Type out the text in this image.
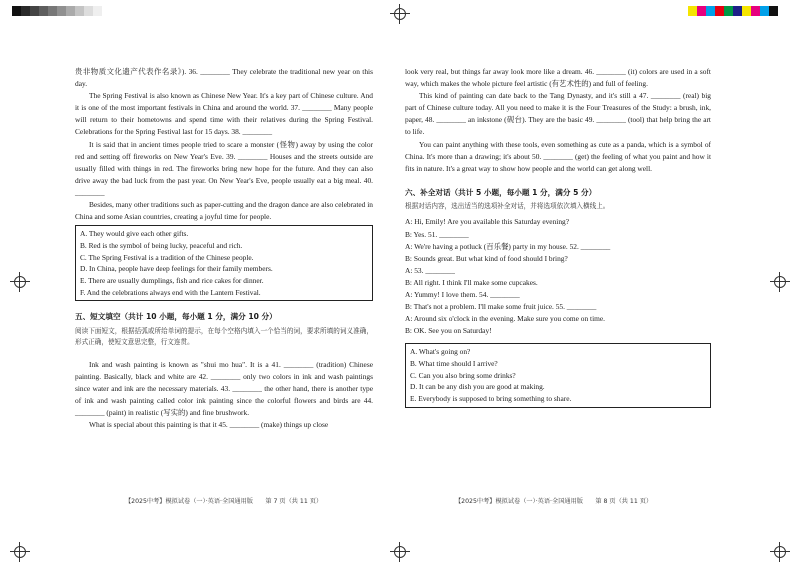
贵非物质文化遗产代表作名录》). 36. ________ They celebrate the traditional new year on this day.

The Spring Festival is also known as Chinese New Year. It's a key part of Chinese culture. And it is one of the most important festivals in China and around the world. 37. ________ Many people will return to their hometowns and spend time with their relatives during the Spring Festival. Celebrations for the Spring Festival last for 15 days. 38. ________

It is said that in ancient times people tried to scare a monster (怪物) away by using the color red and setting off fireworks on New Year's Eve. 39. ________ Houses and the streets outside are usually filled with things in red. The fireworks bring new hope for the future. And they can also drive away the bad luck from the past year. On New Year's Eve, people usually eat a big meal. 40. ________

Besides, many other traditions such as paper-cutting and the dragon dance are also celebrated in China and some Asian countries, creating a joyful time for people.

A. They would give each other gifts.
B. Red is the symbol of being lucky, peaceful and rich.
C. The Spring Festival is a tradition of the Chinese people.
D. In China, people have deep feelings for their family members.
E. There are usually dumplings, fish and rice cakes for dinner.
F. And the celebrations always end with the Lantern Festival.
五、短文填空（共计 10 小题，每小题 1 分，满分 10 分）

阅读下面短文，根据括弧或所给单词的提示，在每个空格内填入一个恰当的词，要求所填的词义准确，形式正确，使短文意思完整，行文连贯。

Ink and wash painting is known as "shui mo hua". It is a 41. ________ (tradition) Chinese painting. Basically, black and white are 42. ________ only two colors in ink and wash paintings since water and ink are the necessary materials. 43. ________ the other hand, there is another type of ink and wash painting called color ink painting since the colorful flowers and birds are 44. ________ (paint) in realistic (写实的) and fine brushwork.

What is special about this painting is that it 45. ________ (make) things up close

【2025中考】模拟试卷（一）·英语·全国通用版　　第 7 页（共 11 页）

look very real, but things far away look more like a dream. 46. ________ (it) colors are used in a soft way, which makes the whole picture feel artistic (有艺术性的) and full of feeling.

This kind of painting can date back to the Tang Dynasty, and it's still a 47. ________ (real) big part of Chinese culture today. All you need to make it is the Four Treasures of the Study: a brush, ink, paper, 48. ________ an inkstone (砚台). They are the basic 49. ________ (tool) that help bring the art to life.

You can paint anything with these tools, even something as cute as a panda, which is a symbol of China. It's more than a drawing; it's about 50. ________ (get) the feeling of what you paint and how it fits in nature. It's a great way to show how people and the world can get along well.

六、补全对话（共计 5 小题，每小题 1 分，满分 5 分）

根据对话内容，选出适当的选项补全对话，并将选项依次填入横线上。

A: Hi, Emily! Are you available this Saturday evening?
B: Yes. 51. ________
A: We're having a potluck (百乐餐) party in my house. 52. ________
B: Sounds great. But what kind of food should I bring?
A: 53. ________
B: All right. I think I'll make some cupcakes.
A: Yummy! I love them. 54. ________
B: That's not a problem. I'll make some fruit juice. 55. ________
A: Around six o'clock in the evening. Make sure you come on time.
B: OK. See you on Saturday!
A. What's going on?
B. What time should I arrive?
C. Can you also bring some drinks?
D. It can be any dish you are good at making.
E. Everybody is supposed to bring something to share.
【2025中考】模拟试卷（一）·英语·全国通用版　　第 8 页（共 11 页）
